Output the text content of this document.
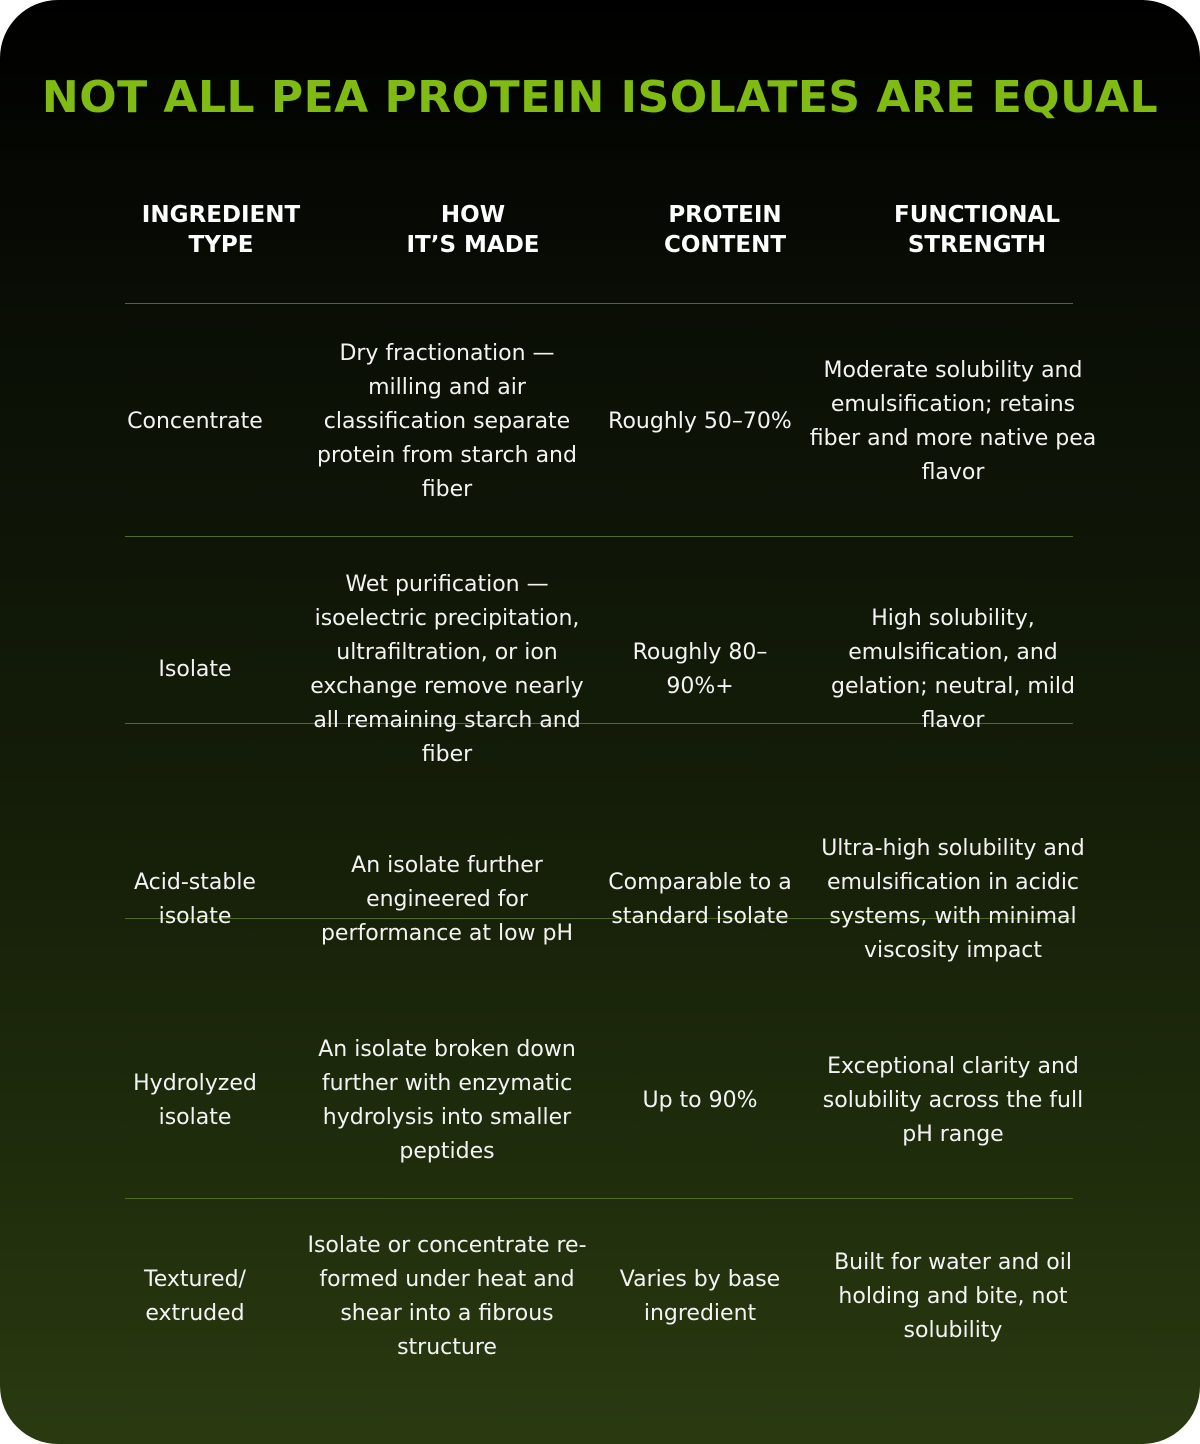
NOT ALL PEA PROTEIN ISOLATES ARE EQUAL
INGREDIENT
TYPE
HOW
IT’S MADE
PROTEIN
CONTENT
FUNCTIONAL
STRENGTH
Concentrate
Dry fractionation — milling and air classification separate protein from starch and fiber
Roughly 50–70%
Moderate solubility and emulsification; retains fiber and more native pea flavor
Isolate
Wet purification — isoelectric precipitation, ultrafiltration, or ion exchange remove nearly all remaining starch and fiber
Roughly 80–90%+
High solubility, emulsification, and gelation; neutral, mild flavor
Acid-stable isolate
An isolate further engineered for performance at low pH
Comparable to a standard isolate
Ultra-high solubility and emulsification in acidic systems, with minimal viscosity impact
Hydrolyzed isolate
An isolate broken down further with enzymatic hydrolysis into smaller peptides
Up to 90%
Exceptional clarity and solubility across the full pH range
Textured/ extruded
Isolate or concentrate re-formed under heat and shear into a fibrous structure
Varies by base ingredient
Built for water and oil holding and bite, not solubility
